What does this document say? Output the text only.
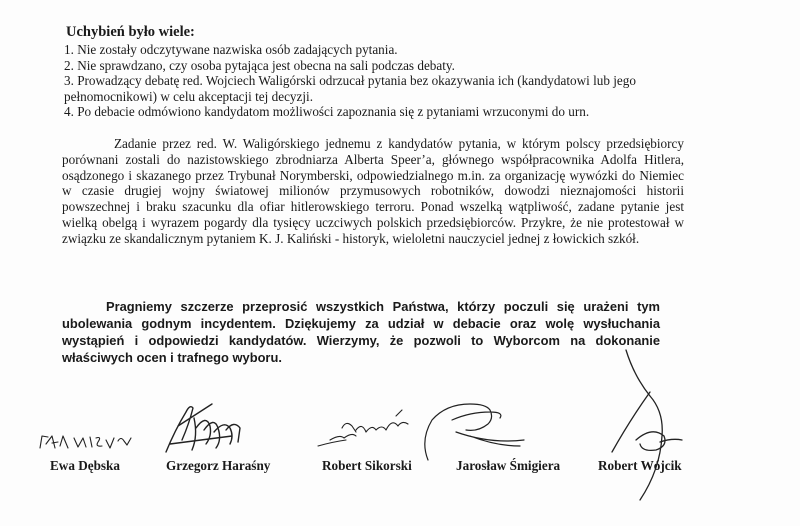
Uchybień było wiele:
1. Nie zostały odczytywane nazwiska osób zadających pytania.
2. Nie sprawdzano, czy osoba pytająca jest obecna na sali podczas debaty.
3. Prowadzący debatę red. Wojciech Waligórski odrzucał pytania bez okazywania ich (kandydatowi lub jego pełnomocnikowi) w celu akceptacji tej decyzji.
4. Po debacie odmówiono kandydatom możliwości zapoznania się z pytaniami wrzuconymi do urn.

Zadanie przez red. W. Waligórskiego jednemu z kandydatów pytania, w którym polscy przedsiębiorcy porównani zostali do nazistowskiego zbrodniarza Alberta Speer’a, głównego współpracownika Adolfa Hitlera, osądzonego i skazanego przez Trybunał Norymberski, odpowiedzialnego m.in. za organizację wywózki do Niemiec w czasie drugiej wojny światowej milionów przymusowych robotników, dowodzi nieznajomości historii powszechnej i braku szacunku dla ofiar hitlerowskiego terroru. Ponad wszelką wątpliwość, zadane pytanie jest wielką obelgą i wyrazem pogardy dla tysięcy uczciwych polskich przedsiębiorców. Przykre, że nie protestował w związku ze skandalicznym pytaniem K. J. Kaliński - historyk, wieloletni nauczyciel jednej z łowickich szkół.

Pragniemy szczerze przeprosić wszystkich Państwa, którzy poczuli się urażeni tym ubolewania godnym incydentem. Dziękujemy za udział w debacie oraz wolę wysłuchania wystąpień i odpowiedzi kandydatów. Wierzymy, że pozwoli to Wyborcom na dokonanie właściwych ocen i trafnego wyboru.

Ewa Dębska	Grzegorz Haraśny	Robert Sikorski	Jarosław Śmigiera	Robert Wójcik
